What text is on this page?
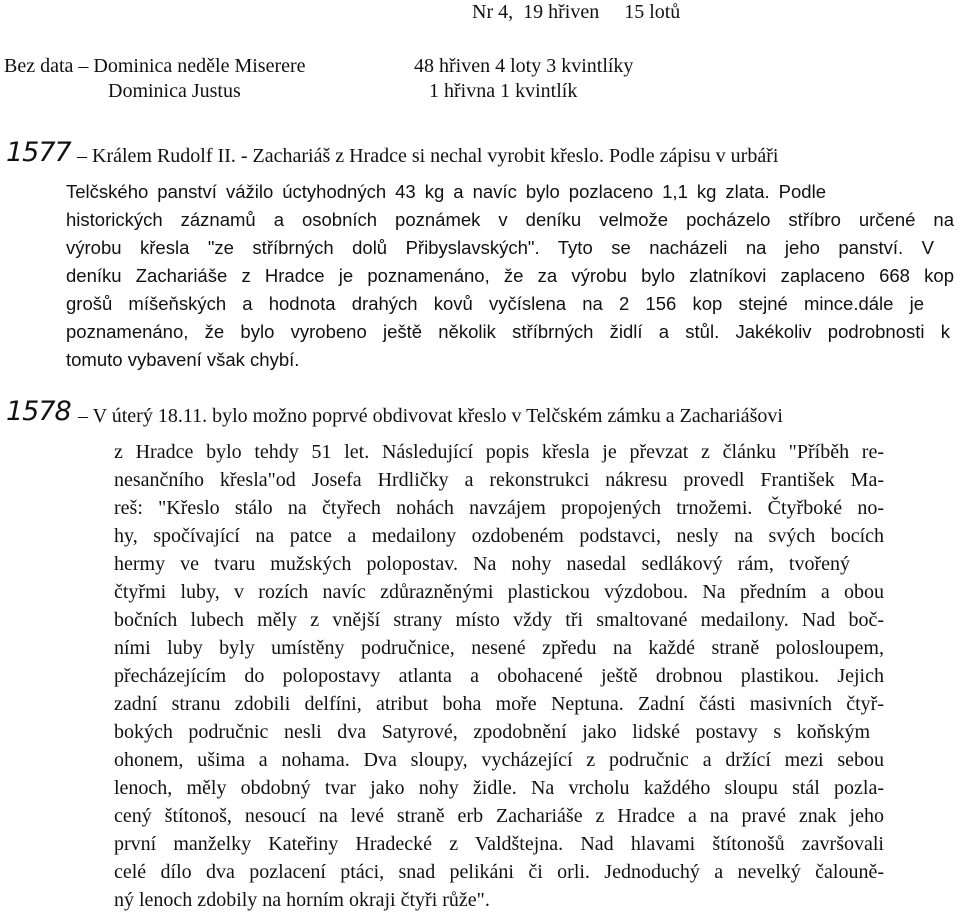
Nr 4,  19 hřiven     15 lotů
Bez data – Dominica neděle Miserere
Dominica Justus
48 hřiven 4 loty 3 kvintlíky
1 hřivna 1 kvintlík
1577 – Králem Rudolf II. - Zachariáš z Hradce si nechal vyrobit křeslo. Podle zápisu v urbáři
Telčského panství vážilo úctyhodných 43 kg a navíc bylo pozlaceno 1,1 kg zlata. Podle
historických záznamů a osobních poznámek v deníku velmože pocházelo stříbro určené na
výrobu křesla "ze stříbrných dolů Přibyslavských". Tyto se nacházeli na jeho panství. V
deníku Zachariáše z Hradce je poznamenáno, že za výrobu bylo zlatníkovi zaplaceno 668 kop
grošů míšeňských a hodnota drahých kovů vyčíslena na 2 156 kop stejné mince.dále je
poznamenáno, že bylo vyrobeno ještě několik stříbrných židlí a stůl. Jakékoliv podrobnosti k
tomuto vybavení však chybí.
1578 – V úterý 18.11. bylo možno poprvé obdivovat křeslo v Telčském zámku a Zachariášovi
z Hradce bylo tehdy 51 let. Následující popis křesla je převzat z článku "Příběh re-
nesančního křesla"od Josefa Hrdličky a rekonstrukci nákresu provedl František Ma-
reš: "Křeslo stálo na čtyřech nohách navzájem propojených trnožemi. Čtyřboké no-
hy, spočívající na patce a medailony ozdobeném podstavci, nesly na svých bocích
hermy ve tvaru mužských polopostav. Na nohy nasedal sedlákový rám, tvořený
čtyřmi luby, v rozích navíc zdůrazněnými plastickou výzdobou. Na předním a obou
bočních lubech měly z vnější strany místo vždy tři smaltované medailony. Nad boč-
ními luby byly umístěny područnice, nesené zpředu na každé straně polosloupem,
přecházejícím do polopostavy atlanta a obohacené ještě drobnou plastikou. Jejich
zadní stranu zdobili delfíni, atribut boha moře Neptuna. Zadní části masivních čtyř-
bokých područnic nesli dva Satyrové, zpodobnění jako lidské postavy s koňským
ohonem, ušima a nohama. Dva sloupy, vycházející z područnic a držící mezi sebou
lenoch, měly obdobný tvar jako nohy židle. Na vrcholu každého sloupu stál pozla-
cený štítonoš, nesoucí na levé straně erb Zachariáše z Hradce a na pravé znak jeho
první manželky Kateřiny Hradecké z Valdštejna. Nad hlavami štítonošů završovali
celé dílo dva pozlacení ptáci, snad pelikáni či orli. Jednoduchý a nevelký čalouně-
ný lenoch zdobily na horním okraji čtyři růže".
